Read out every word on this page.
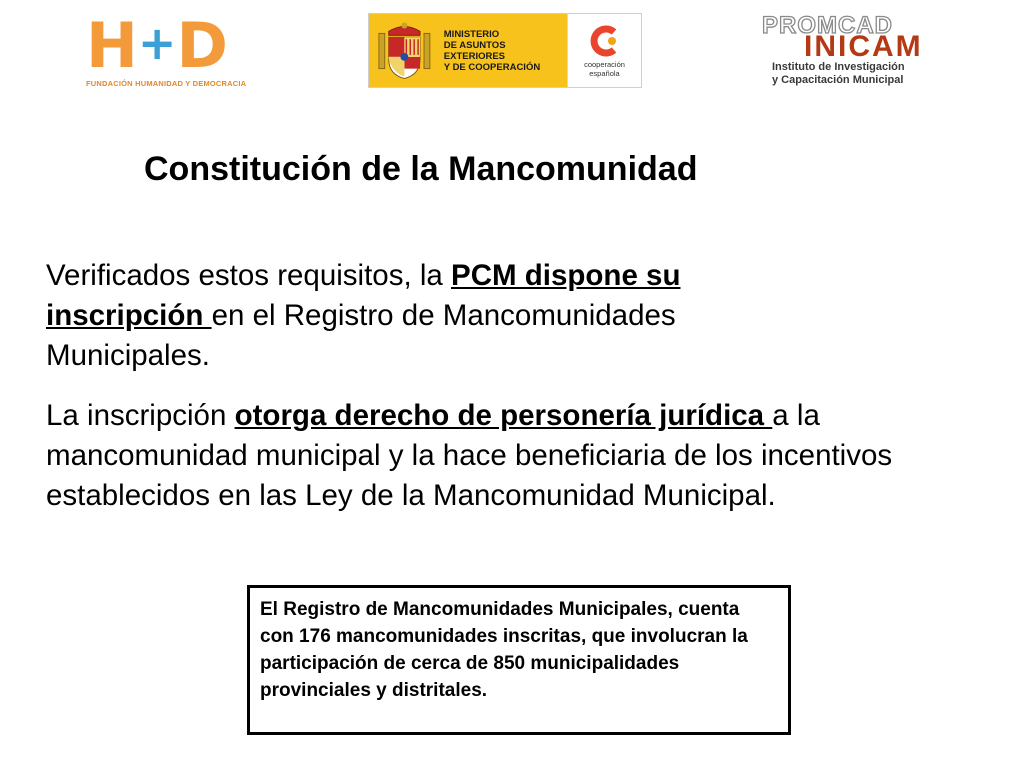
H+D
FUNDACIÓN HUMANIDAD Y DEMOCRACIA
MINISTERIO
DE ASUNTOS EXTERIORES
Y DE COOPERACIÓN	cooperación
española
PROMCAD
INICAM
Instituto de Investigación
y Capacitación Municipal
Constitución de la Mancomunidad
Verificados estos requisitos, la PCM dispone su inscripción en el Registro de Mancomunidades Municipales.
La inscripción otorga derecho de personería jurídica a la mancomunidad municipal y la hace beneficiaria de los incentivos establecidos en las Ley de la Mancomunidad Municipal.
El Registro de Mancomunidades Municipales, cuenta con 176 mancomunidades inscritas, que involucran la participación de cerca de 850 municipalidades provinciales y distritales.
